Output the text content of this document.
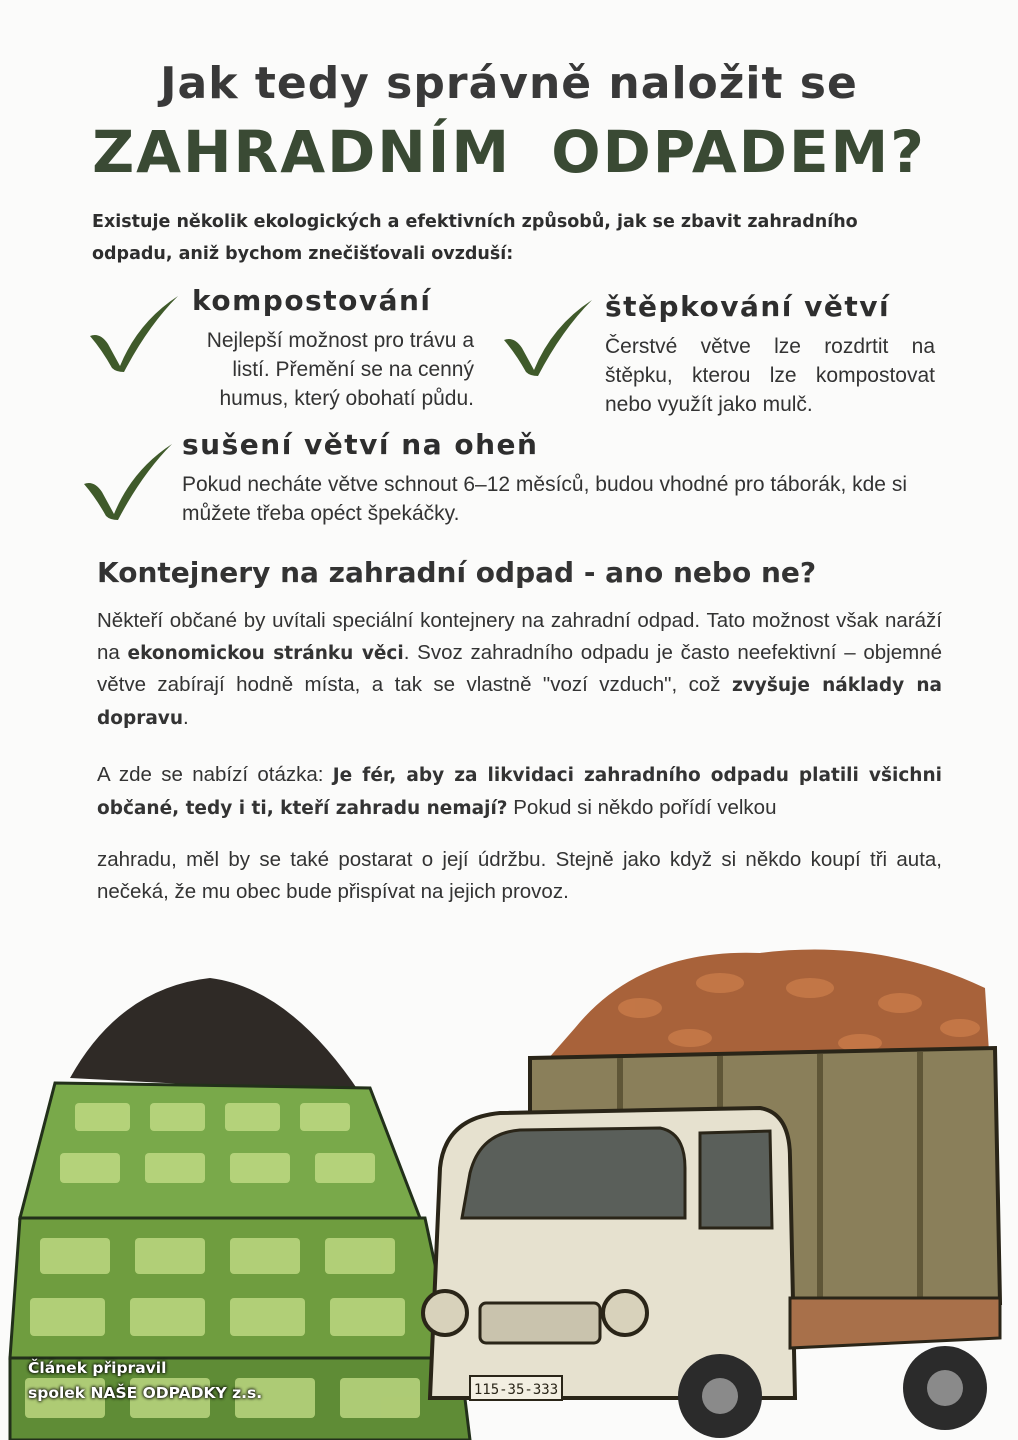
Jak tedy správně naložit se
ZAHRADNÍM ODPADEM?

Existuje několik ekologických a efektivních způsobů, jak se zbavit zahradního odpadu, aniž bychom znečišťovali ovzduší:

kompostování

Nejlepší možnost pro trávu a listí. Přemění se na cenný humus, který obohatí půdu.

štěpkování větví

Čerstvé větve lze rozdrtit na štěpku, kterou lze kompostovat nebo využít jako mulč.

sušení větví na oheň

Pokud necháte větve schnout 6–12 měsíců, budou vhodné pro táborák, kde si můžete třeba opéct špekáčky.

Kontejnery na zahradní odpad - ano nebo ne?

Někteří občané by uvítali speciální kontejnery na zahradní odpad. Tato možnost však naráží na ekonomickou stránku věci. Svoz zahradního odpadu je často neefektivní – objemné větve zabírají hodně místa, a tak se vlastně "vozí vzduch", což zvyšuje náklady na dopravu.

A zde se nabízí otázka: Je fér, aby za likvidaci zahradního odpadu platili všichni občané, tedy i ti, kteří zahradu nemají? Pokud si někdo pořídí velkou

zahradu, měl by se také postarat o její údržbu. Stejně jako když si někdo koupí tři auta, nečeká, že mu obec bude přispívat na jejich provoz.

115-35-333
Článek připravil
spolek NAŠE ODPADKY z.s.
